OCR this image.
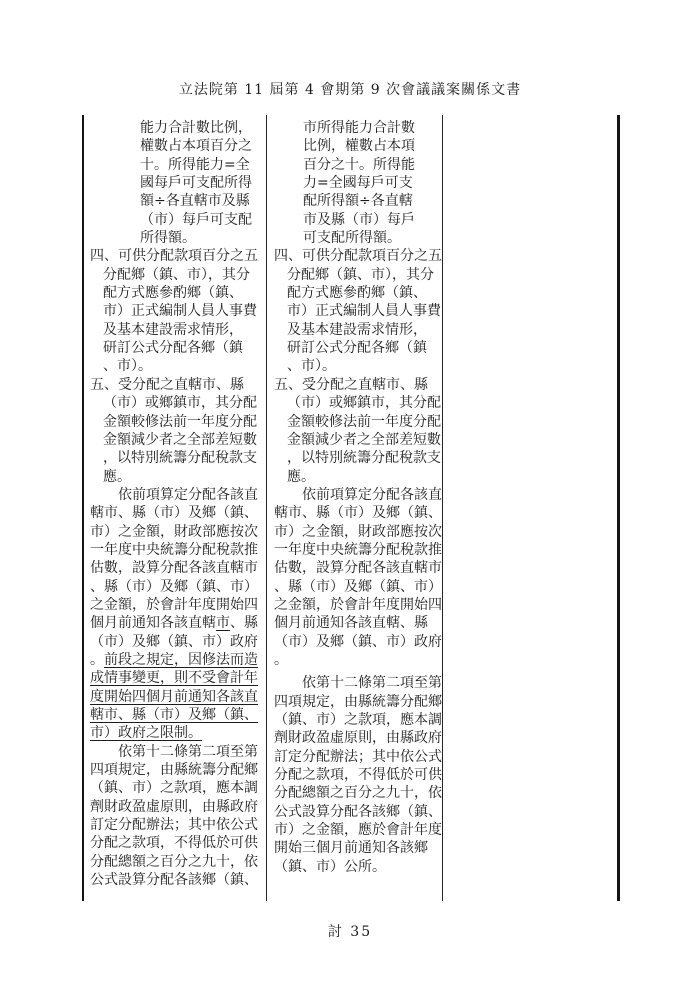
立法院第 11 屆第 4 會期第 9 次會議議案關係文書
能力合計數比例，
權數占本項百分之
十。所得能力=全
國每戶可支配所得
額÷各直轄市及縣
（市）每戶可支配
所得額。
四、可供分配款項百分之五
分配鄉（鎮、市），其分
配方式應參酌鄉（鎮、
市）正式編制人員人事費
及基本建設需求情形，
研訂公式分配各鄉（鎮
、市）。
五、受分配之直轄市、縣
（市）或鄉鎮市，其分配
金額較修法前一年度分配
金額減少者之全部差短數
，以特別統籌分配稅款支
應。
依前項算定分配各該直
轄市、縣（市）及鄉（鎮、
市）之金額，財政部應按次
一年度中央統籌分配稅款推
估數，設算分配各該直轄市
、縣（市）及鄉（鎮、市）
之金額，於會計年度開始四
個月前通知各該直轄市、縣
（市）及鄉（鎮、市）政府
。前段之規定，因修法而造
成情事變更，則不受會計年
度開始四個月前通知各該直
轄市、縣（市）及鄉（鎮、
市）政府之限制。
依第十二條第二項至第
四項規定，由縣統籌分配鄉
（鎮、市）之款項，應本調
劑財政盈虛原則，由縣政府
訂定分配辦法；其中依公式
分配之款項，不得低於可供
分配總額之百分之九十，依
公式設算分配各該鄉（鎮、
市所得能力合計數
比例，權數占本項
百分之十。所得能
力=全國每戶可支
配所得額÷各直轄
市及縣（市）每戶
可支配所得額。
四、可供分配款項百分之五
分配鄉（鎮、市），其分
配方式應參酌鄉（鎮、
市）正式編制人員人事費
及基本建設需求情形，
研訂公式分配各鄉（鎮
、市）。
五、受分配之直轄市、縣
（市）或鄉鎮市，其分配
金額較修法前一年度分配
金額減少者之全部差短數
，以特別統籌分配稅款支
應。
依前項算定分配各該直
轄市、縣（市）及鄉（鎮、
市）之金額，財政部應按次
一年度中央統籌分配稅款推
估數，設算分配各該直轄市
、縣（市）及鄉（鎮、市）
之金額，於會計年度開始四
個月前通知各該直轄、縣
（市）及鄉（鎮、市）政府
。
依第十二條第二項至第
四項規定，由縣統籌分配鄉
（鎮、市）之款項，應本調
劑財政盈虛原則，由縣政府
訂定分配辦法；其中依公式
分配之款項，不得低於可供
分配總額之百分之九十，依
公式設算分配各該鄉（鎮、
市）之金額，應於會計年度
開始三個月前通知各該鄉
（鎮、市）公所。
討 35
